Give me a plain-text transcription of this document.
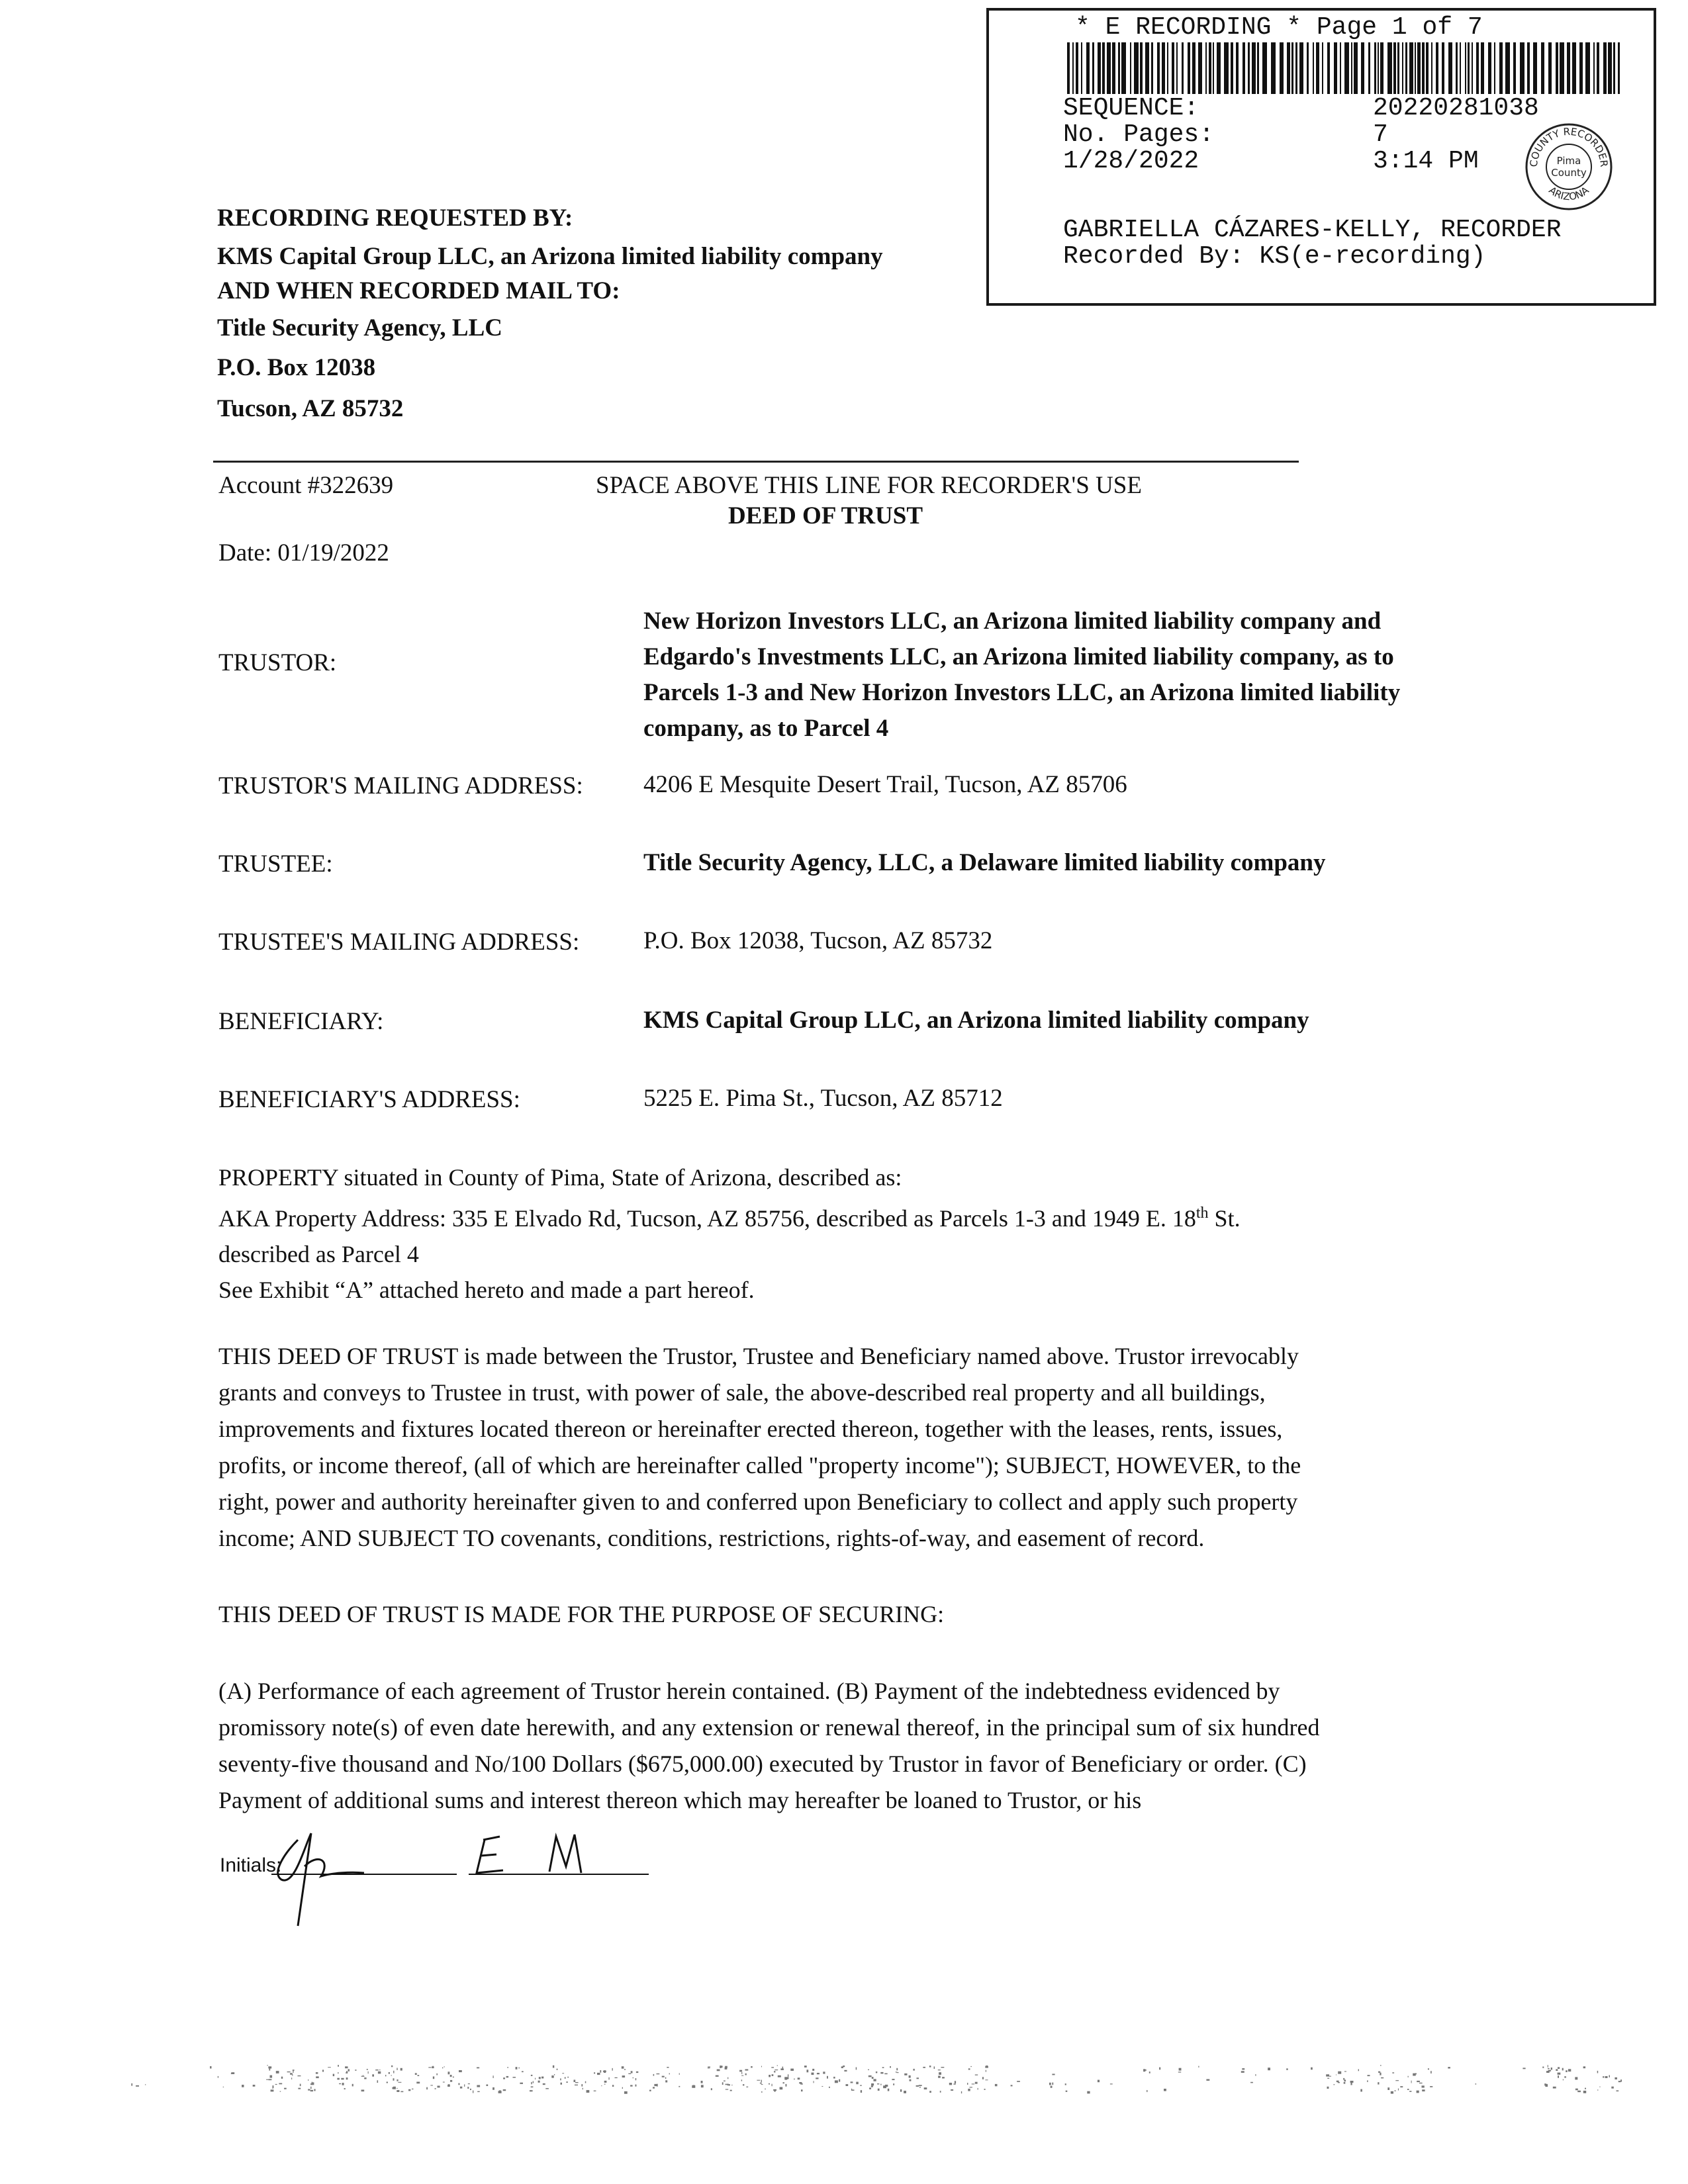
* E RECORDING * Page 1 of 7
SEQUENCE:	20220281038
No. Pages:	7
1/28/2022	3:14 PM	COUNTY RECORDER
ARIZONA
Pima
County
GABRIELLA CÁZARES-KELLY, RECORDER
Recorded By: KS(e-recording)
RECORDING REQUESTED BY:
KMS Capital Group LLC, an Arizona limited liability company
AND WHEN RECORDED MAIL TO:
Title Security Agency, LLC
P.O. Box 12038
Tucson, AZ 85732
Account #322639	SPACE ABOVE THIS LINE FOR RECORDER'S USE
DEED OF TRUST
Date: 01/19/2022
TRUSTOR:
New Horizon Investors LLC, an Arizona limited liability company and
Edgardo's Investments LLC, an Arizona limited liability company, as to
Parcels 1-3 and New Horizon Investors LLC, an Arizona limited liability
company, as to Parcel 4
TRUSTOR'S MAILING ADDRESS: 4206 E Mesquite Desert Trail, Tucson, AZ 85706
TRUSTEE:	Title Security Agency, LLC, a Delaware limited liability company
TRUSTEE'S MAILING ADDRESS:	P.O. Box 12038, Tucson, AZ 85732
BENEFICIARY:	KMS Capital Group LLC, an Arizona limited liability company
BENEFICIARY'S ADDRESS:	5225 E. Pima St., Tucson, AZ 85712
PROPERTY situated in County of Pima, State of Arizona, described as:
AKA Property Address: 335 E Elvado Rd, Tucson, AZ 85756, described as Parcels 1-3 and 1949 E. 18th St.
described as Parcel 4
See Exhibit “A” attached hereto and made a part hereof.
THIS DEED OF TRUST is made between the Trustor, Trustee and Beneficiary named above. Trustor irrevocably
grants and conveys to Trustee in trust, with power of sale, the above-described real property and all buildings,
improvements and fixtures located thereon or hereinafter erected thereon, together with the leases, rents, issues,
profits, or income thereof, (all of which are hereinafter called "property income"); SUBJECT, HOWEVER, to the
right, power and authority hereinafter given to and conferred upon Beneficiary to collect and apply such property
income; AND SUBJECT TO covenants, conditions, restrictions, rights-of-way, and easement of record.
THIS DEED OF TRUST IS MADE FOR THE PURPOSE OF SECURING:
(A) Performance of each agreement of Trustor herein contained. (B) Payment of the indebtedness evidenced by
promissory note(s) of even date herewith, and any extension or renewal thereof, in the principal sum of six hundred
seventy-five thousand and No/100 Dollars ($675,000.00) executed by Trustor in favor of Beneficiary or order. (C)
Payment of additional sums and interest thereon which may hereafter be loaned to Trustor, or his
Initials:
